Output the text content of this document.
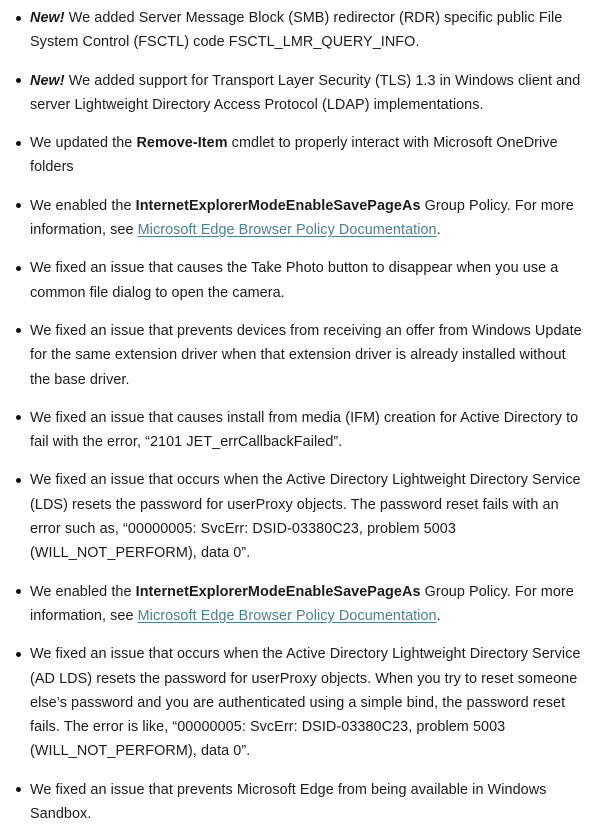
New! We added Server Message Block (SMB) redirector (RDR) specific public File System Control (FSCTL) code FSCTL_LMR_QUERY_INFO.
New! We added support for Transport Layer Security (TLS) 1.3 in Windows client and server Lightweight Directory Access Protocol (LDAP) implementations.
We updated the Remove-Item cmdlet to properly interact with Microsoft OneDrive folders
We enabled the InternetExplorerModeEnableSavePageAs Group Policy. For more information, see Microsoft Edge Browser Policy Documentation.
We fixed an issue that causes the Take Photo button to disappear when you use a common file dialog to open the camera.
We fixed an issue that prevents devices from receiving an offer from Windows Update for the same extension driver when that extension driver is already installed without the base driver.
We fixed an issue that causes install from media (IFM) creation for Active Directory to fail with the error, “2101 JET_errCallbackFailed”.
We fixed an issue that occurs when the Active Directory Lightweight Directory Service (LDS) resets the password for userProxy objects. The password reset fails with an error such as, “00000005: SvcErr: DSID-03380C23, problem 5003 (WILL_NOT_PERFORM), data 0”.
We enabled the InternetExplorerModeEnableSavePageAs Group Policy. For more information, see Microsoft Edge Browser Policy Documentation.
We fixed an issue that occurs when the Active Directory Lightweight Directory Service (AD LDS) resets the password for userProxy objects. When you try to reset someone else’s password and you are authenticated using a simple bind, the password reset fails. The error is like, “00000005: SvcErr: DSID-03380C23, problem 5003 (WILL_NOT_PERFORM), data 0”.
We fixed an issue that prevents Microsoft Edge from being available in Windows Sandbox.
